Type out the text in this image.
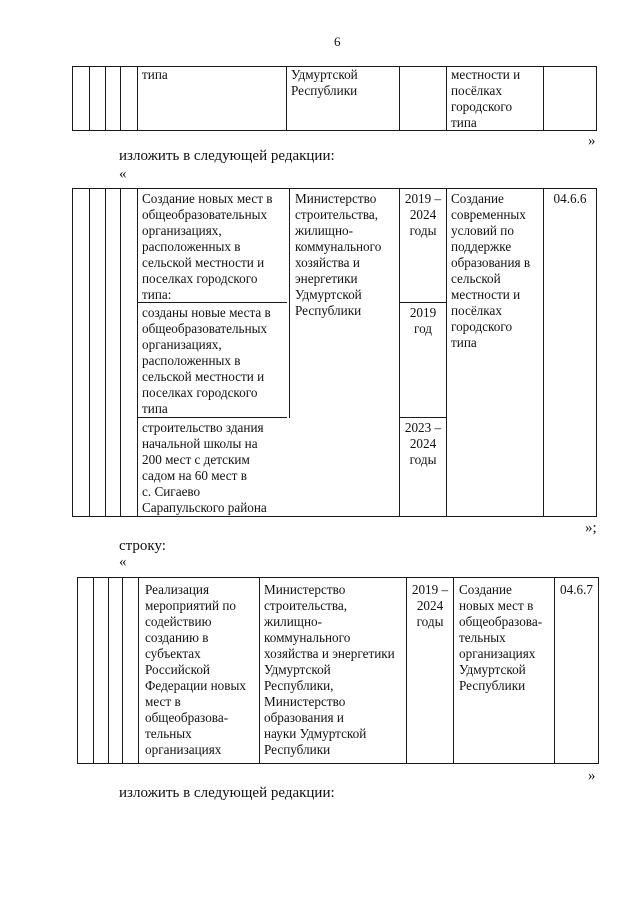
6
типа	Удмуртской
Республики
местности и
посёлках
городского
типа
»
изложить в следующей редакции:
«
Создание новых мест в
общеобразовательных
организациях,
расположенных в
сельской местности и
поселках городского
типа:
созданы новые места в
общеобразовательных
организациях,
расположенных в
сельской местности и
поселках городского
типа
строительство здания
начальной школы на
200 мест с детским
садом на 60 мест в
с. Сигаево
Сарапульского района
Министерство
строительства,
жилищно-
коммунального
хозяйства и
энергетики
Удмуртской
Республики
2019 –
2024
годы
2019
год
2023 –
2024
годы
Создание
современных
условий по
поддержке
образования в
сельской
местности и
посёлках
городского
типа
04.6.6
»;
строку:
«
Реализация
мероприятий по
содействию
созданию в
субъектах
Российской
Федерации новых
мест в
общеобразова-
тельных
организациях
Министерство
строительства,
жилищно-
коммунального
хозяйства и энергетики
Удмуртской
Республики,
Министерство
образования и
науки Удмуртской
Республики
2019 –
2024
годы
Создание
новых мест в
общеобразова-
тельных
организациях
Удмуртской
Республики
04.6.7
»
изложить в следующей редакции:
